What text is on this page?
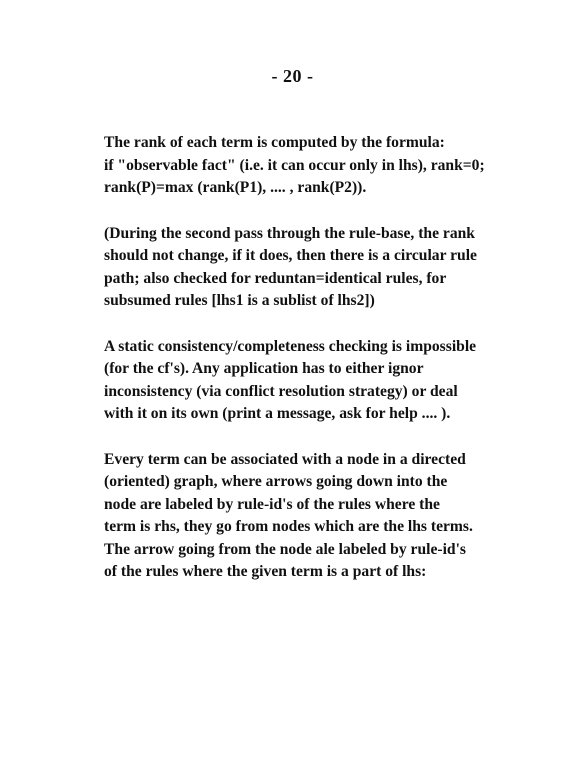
- 20 -
The rank of each term is computed by the formula:
if "observable fact" (i.e. it can occur only in lhs), rank=0;
rank(P)=max (rank(P1), .... , rank(P2)).
(During the second pass through the rule-base, the rank
should not change, if it does, then there is a circular rule
path; also checked for reduntan=identical rules, for
subsumed rules [lhs1 is a sublist of lhs2])
A static consistency/completeness checking is impossible
(for the cf's). Any application has to either ignor
inconsistency (via conflict resolution strategy) or deal
with it on its own (print a message, ask for help .... ).
Every term can be associated with a node in a directed
(oriented) graph, where arrows going down into the
node are labeled by rule-id's of the rules where the
term is rhs, they go from nodes which are the lhs terms.
The arrow going from the node ale labeled by rule-id's
of the rules where the given term is a part of lhs:
